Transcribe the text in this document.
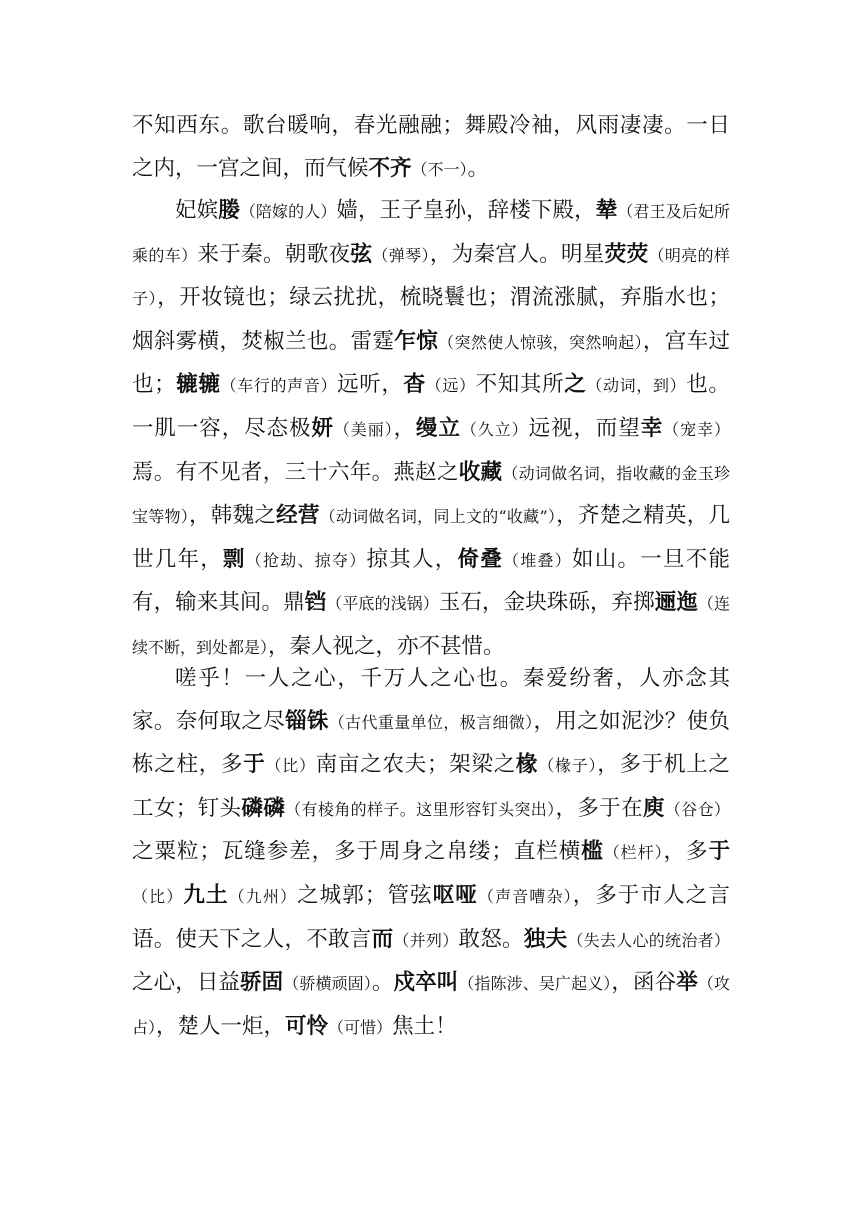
不知西东。歌台暖响，春光融融；舞殿冷袖，风雨凄凄。一日之内，一宫之间，而气候不齐（不一）。

妃嫔媵（陪嫁的人）嫱，王子皇孙，辞楼下殿，辇（君王及后妃所乘的车）来于秦。朝歌夜弦（弹琴），为秦宫人。明星荧荧（明亮的样子），开妆镜也；绿云扰扰，梳晓鬟也；渭流涨腻，弃脂水也；烟斜雾横，焚椒兰也。雷霆乍惊（突然使人惊骇，突然响起），宫车过也；辘辘（车行的声音）远听，杳（远）不知其所之（动词，到）也。一肌一容，尽态极妍（美丽），缦立（久立）远视，而望幸（宠幸）焉。有不见者，三十六年。燕赵之收藏（动词做名词，指收藏的金玉珍宝等物），韩魏之经营（动词做名词，同上文的“收藏”），齐楚之精英，几世几年，剽（抢劫、掠夺）掠其人，倚叠（堆叠）如山。一旦不能有，输来其间。鼎铛（平底的浅锅）玉石，金块珠砾，弃掷逦迤（连续不断，到处都是），秦人视之，亦不甚惜。

嗟乎！一人之心，千万人之心也。秦爱纷奢，人亦念其家。奈何取之尽锱铢（古代重量单位，极言细微），用之如泥沙？使负栋之柱，多于（比）南亩之农夫；架梁之椽（椽子），多于机上之工女；钉头磷磷（有棱角的样子。这里形容钉头突出），多于在庾（谷仓）之粟粒；瓦缝参差，多于周身之帛缕；直栏横槛（栏杆），多于（比）九土（九州）之城郭；管弦呕哑（声音嘈杂），多于市人之言语。使天下之人，不敢言而（并列）敢怒。独夫（失去人心的统治者）之心，日益骄固（骄横顽固）。戍卒叫（指陈涉、吴广起义），函谷举（攻占），楚人一炬，可怜（可惜）焦土！
